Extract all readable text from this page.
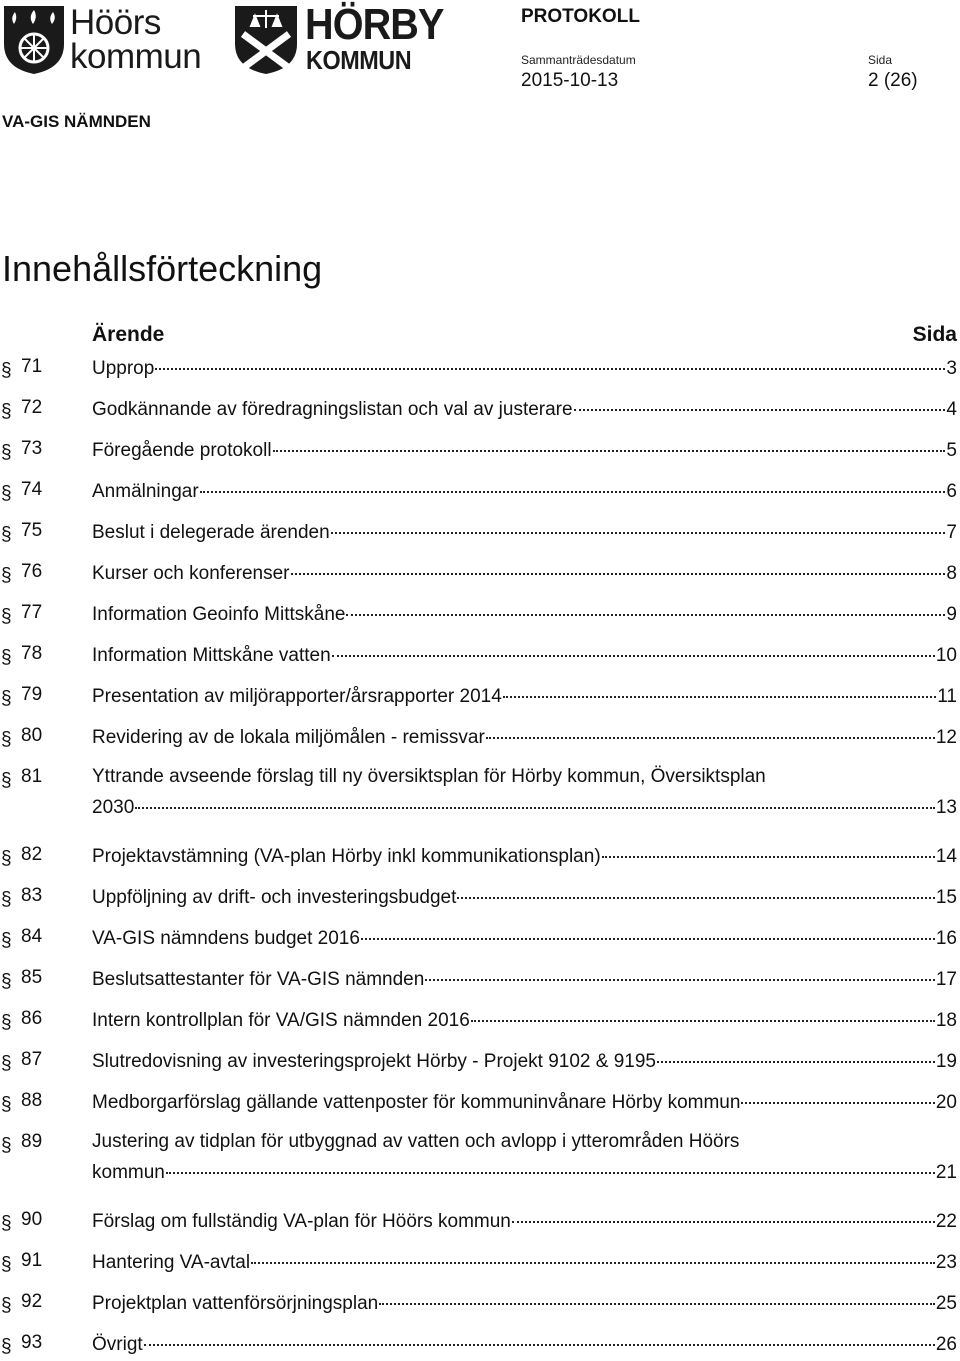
Höörs
kommun
HÖRBY
KOMMUN
PROTOKOLL
Sammanträdesdatum
2015-10-13
Sida
2 (26)
VA-GIS NÄMNDEN
Innehållsförteckning
Ärende	Sida
§ 71	Upprop	3
§ 72	Godkännande av föredragningslistan och val av justerare	4
§ 73	Föregående protokoll	5
§ 74	Anmälningar	6
§ 75	Beslut i delegerade ärenden	7
§ 76	Kurser och konferenser	8
§ 77	Information Geoinfo Mittskåne	9
§ 78	Information Mittskåne vatten	10
§ 79	Presentation av miljörapporter/årsrapporter 2014	11
§ 80	Revidering av de lokala miljömålen - remissvar	12
§ 81	Yttrande avseende förslag till ny översiktsplan för Hörby kommun, Översiktsplan
2030	13
§ 82	Projektavstämning (VA-plan Hörby inkl kommunikationsplan)	14
§ 83	Uppföljning av drift- och investeringsbudget	15
§ 84	VA-GIS nämndens budget 2016	16
§ 85	Beslutsattestanter för VA-GIS nämnden	17
§ 86	Intern kontrollplan för VA/GIS nämnden 2016	18
§ 87	Slutredovisning av investeringsprojekt Hörby - Projekt 9102 & 9195	19
§ 88	Medborgarförslag gällande vattenposter för kommuninvånare Hörby kommun	20
§ 89	Justering av tidplan för utbyggnad av vatten och avlopp i ytterområden Höörs
kommun	21
§ 90	Förslag om fullständig VA-plan för Höörs kommun	22
§ 91	Hantering VA-avtal	23
§ 92	Projektplan vattenförsörjningsplan	25
§ 93	Övrigt	26
